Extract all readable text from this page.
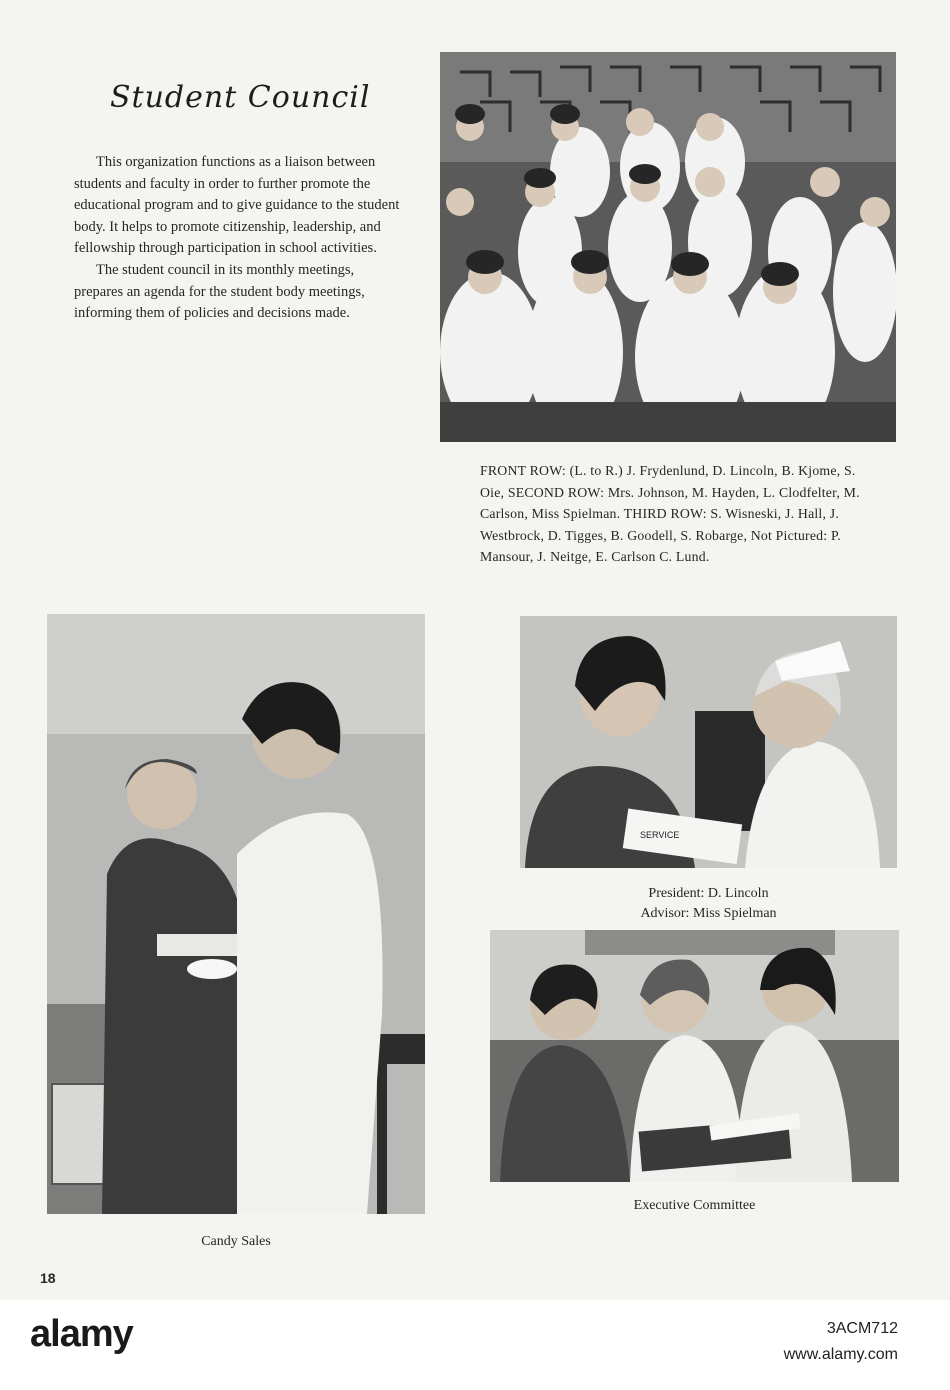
Student Council

This organization functions as a liaison between students and faculty in order to further promote the educational program and to give guidance to the student body. It helps to promote citizenship, leadership, and fellowship through participation in school activities.

The student council in its monthly meetings, prepares an agenda for the student body meetings, informing them of policies and decisions made.

FRONT ROW: (L. to R.) J. Frydenlund, D. Lincoln, B. Kjome, S. Oie, SECOND ROW: Mrs. Johnson, M. Hayden, L. Clodfelter, M. Carlson, Miss Spielman. THIRD ROW: S. Wisneski, J. Hall, J. Westbrock, D. Tigges, B. Goodell, S. Robarge, Not Pictured: P. Mansour, J. Neitge, E. Carlson C. Lund.
Candy Sales
SERVICE
President: D. Lincoln
Advisor: Miss Spielman
Executive Committee
18
alamy	3ACM712
www.alamy.com
